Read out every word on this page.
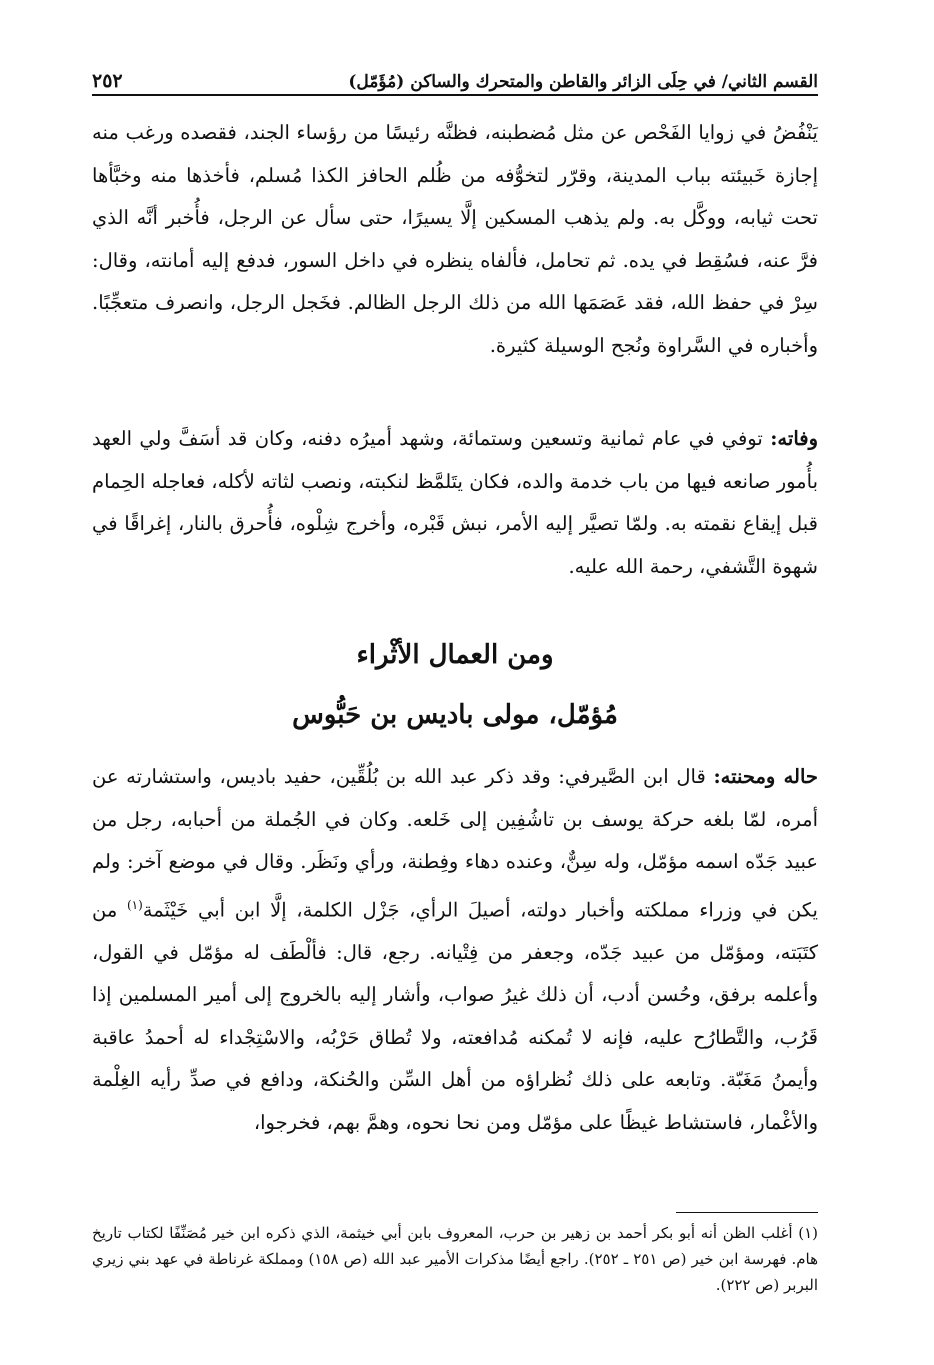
القسم الثاني/ في حِلَى الزائر والقاطن والمتحرك والساكن (مُؤَمّل)
٢٥٢
يَنْفُضُ في زوايا الفَحْص عن مثل مُضطبنه، فظنَّه رئيسًا من رؤساء الجند، فقصده ورغب منه إجازة خَبيئته بباب المدينة، وقرّر لتخوُّفه من ظُلم الحافز الكذا مُسلم، فأخذها منه وخبَّأها تحت ثيابه، ووكَّل به. ولم يذهب المسكين إلَّا يسيرًا، حتى سأل عن الرجل، فأُخبر أنَّه الذي فرَّ عنه، فسُقِط في يده. ثم تحامل، فألفاه ينظره في داخل السور، فدفع إليه أمانته، وقال: سِرْ في حفظ الله، فقد عَصَمَها الله من ذلك الرجل الظالم. فخَجل الرجل، وانصرف متعجِّبًا. وأخباره في السَّراوة ونُجح الوسيلة كثيرة.
وفاته: توفي في عام ثمانية وتسعين وستمائة، وشهد أميرُه دفنه، وكان قد أسَفَّ ولي العهد بأُمور صانعه فيها من باب خدمة والده، فكان يتَلمَّظ لنكبته، ونصب لثاته لأكله، فعاجله الحِمام قبل إيقاع نقمته به. ولمّا تصيَّر إليه الأمر، نبش قَبْره، وأخرج شِلْوه، فأُحرق بالنار، إغراقًا في شهوة التَّشفي، رحمة الله عليه.
ومن العمال الأثْراء
مُؤمّل، مولى باديس بن حَبُّوس
حاله ومحنته: قال ابن الصَّيرفي: وقد ذكر عبد الله بن بُلُقِّين، حفيد باديس، واستشارته عن أمره، لمّا بلغه حركة يوسف بن تاشُفِين إلى خَلعه. وكان في الجُملة من أحبابه، رجل من عبيد جَدّه اسمه مؤمّل، وله سِنٌّ، وعنده دهاء وفِطنة، ورأي ونَظَر. وقال في موضع آخر: ولم يكن في وزراء مملكته وأخبار دولته، أصيلَ الرأي، جَزْل الكلمة، إلَّا ابن أبي خَيْثَمة$^{(١)}$ من كتَبَته، ومؤمّل من عبيد جَدّه، وجعفر من فِتْيانه. رجع، قال: فألْطَف له مؤمّل في القول، وأعلمه برفق، وحُسن أدب، أن ذلك غيرُ صواب، وأشار إليه بالخروج إلى أمير المسلمين إذا قَرُب، والتَّطارُح عليه، فإنه لا تُمكنه مُدافعته، ولا تُطاق حَرْبُه، والاسْتِجْداء له أحمدُ عاقبة وأيمنُ مَغَبّة. وتابعه على ذلك نُظراؤه من أهل السِّن والحُنكة، ودافع في صدِّ رأيه الغِلْمة والأغْمار، فاستشاط غيظًا على مؤمّل ومن نحا نحوه، وهمَّ بهم، فخرجوا،
(١) أغلب الظن أنه أبو بكر أحمد بن زهير بن حرب، المعروف بابن أبي خيثمة، الذي ذكره ابن خير مُصَنِّفًا لكتاب تاريخ هام. فهرسة ابن خير (ص ٢٥١ ـ ٢٥٢). راجع أيضًا مذكرات الأمير عبد الله (ص ١٥٨) ومملكة غرناطة في عهد بني زيري البربر (ص ٢٢٢).
